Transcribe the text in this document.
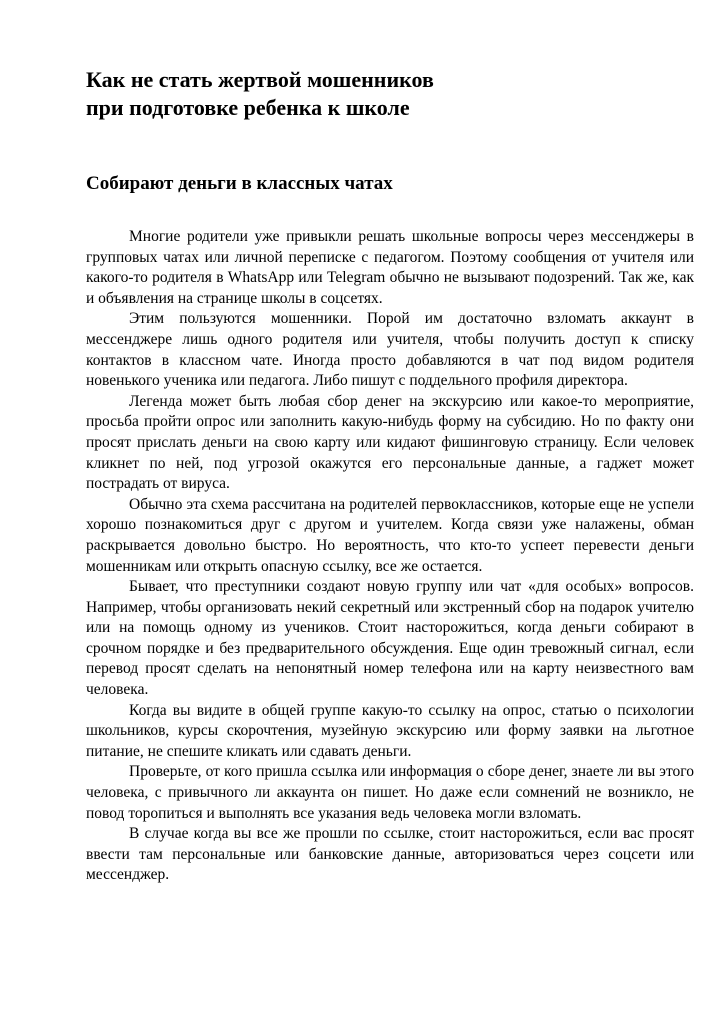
Как не стать жертвой мошенников
при подготовке ребенка к школе
Собирают деньги в классных чатах

Многие родители уже привыкли решать школьные вопросы через мессенджеры в групповых чатах или личной переписке с педагогом. Поэтому сообщения от учителя или какого-то родителя в WhatsApp или Telegram обычно не вызывают подозрений. Так же, как и объявления на странице школы в соцсетях.

Этим пользуются мошенники. Порой им достаточно взломать аккаунт в мессенджере лишь одного родителя или учителя, чтобы получить доступ к списку контактов в классном чате. Иногда просто добавляются в чат под видом родителя новенького ученика или педагога. Либо пишут с поддельного профиля директора.

Легенда может быть любая сбор денег на экскурсию или какое-то мероприятие, просьба пройти опрос или заполнить какую-нибудь форму на субсидию. Но по факту они просят прислать деньги на свою карту или кидают фишинговую страницу. Если человек кликнет по ней, под угрозой окажутся его персональные данные, а гаджет может пострадать от вируса.

Обычно эта схема рассчитана на родителей первоклассников, которые еще не успели хорошо познакомиться друг с другом и учителем. Когда связи уже налажены, обман раскрывается довольно быстро. Но вероятность, что кто-то успеет перевести деньги мошенникам или открыть опасную ссылку, все же остается.

Бывает, что преступники создают новую группу или чат «для особых» вопросов. Например, чтобы организовать некий секретный или экстренный сбор на подарок учителю или на помощь одному из учеников. Стоит насторожиться, когда деньги собирают в срочном порядке и без предварительного обсуждения. Еще один тревожный сигнал, если перевод просят сделать на непонятный номер телефона или на карту неизвестного вам человека.

Когда вы видите в общей группе какую-то ссылку на опрос, статью о психологии школьников, курсы скорочтения, музейную экскурсию или форму заявки на льготное питание, не спешите кликать или сдавать деньги.

Проверьте, от кого пришла ссылка или информация о сборе денег, знаете ли вы этого человека, с привычного ли аккаунта он пишет. Но даже если сомнений не возникло, не повод торопиться и выполнять все указания ведь человека могли взломать.

В случае когда вы все же прошли по ссылке, стоит насторожиться, если вас просят ввести там персональные или банковские данные, авторизоваться через соцсети или мессенджер.
